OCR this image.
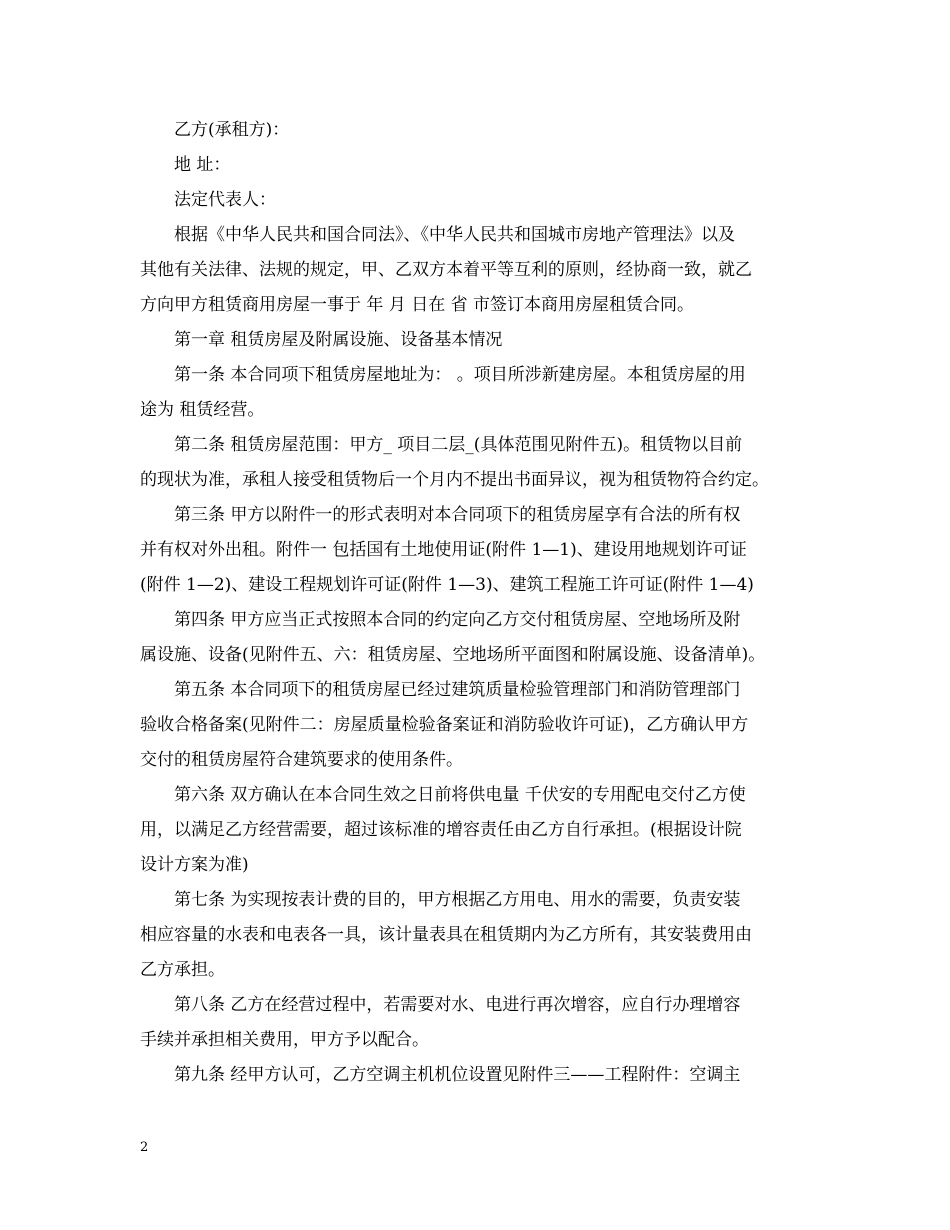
　　乙方(承租方)：
　　地 址：
　　法定代表人：
　　根据《中华人民共和国合同法》、《中华人民共和国城市房地产管理法》以及
其他有关法律、法规的规定，甲、乙双方本着平等互利的原则，经协商一致，就乙
方向甲方租赁商用房屋一事于 年 月 日在 省 市签订本商用房屋租赁合同。
　　第一章 租赁房屋及附属设施、设备基本情况
　　第一条 本合同项下租赁房屋地址为： 。项目所涉新建房屋。本租赁房屋的用
途为 租赁经营。
　　第二条 租赁房屋范围：甲方_ 项目二层_(具体范围见附件五)。租赁物以目前
的现状为准，承租人接受租赁物后一个月内不提出书面异议，视为租赁物符合约定。
　　第三条 甲方以附件一的形式表明对本合同项下的租赁房屋享有合法的所有权
并有权对外出租。附件一 包括国有土地使用证(附件 1—1)、建设用地规划许可证
(附件 1—2)、建设工程规划许可证(附件 1—3)、建筑工程施工许可证(附件 1—4)
　　第四条 甲方应当正式按照本合同的约定向乙方交付租赁房屋、空地场所及附
属设施、设备(见附件五、六：租赁房屋、空地场所平面图和附属设施、设备清单)。
　　第五条 本合同项下的租赁房屋已经过建筑质量检验管理部门和消防管理部门
验收合格备案(见附件二：房屋质量检验备案证和消防验收许可证)，乙方确认甲方
交付的租赁房屋符合建筑要求的使用条件。
　　第六条 双方确认在本合同生效之日前将供电量 千伏安的专用配电交付乙方使
用，以满足乙方经营需要，超过该标准的增容责任由乙方自行承担。(根据设计院
设计方案为准)
　　第七条 为实现按表计费的目的，甲方根据乙方用电、用水的需要，负责安装
相应容量的水表和电表各一具，该计量表具在租赁期内为乙方所有，其安装费用由
乙方承担。
　　第八条 乙方在经营过程中，若需要对水、电进行再次增容，应自行办理增容
手续并承担相关费用，甲方予以配合。
　　第九条 经甲方认可，乙方空调主机机位设置见附件三——工程附件：空调主
2
